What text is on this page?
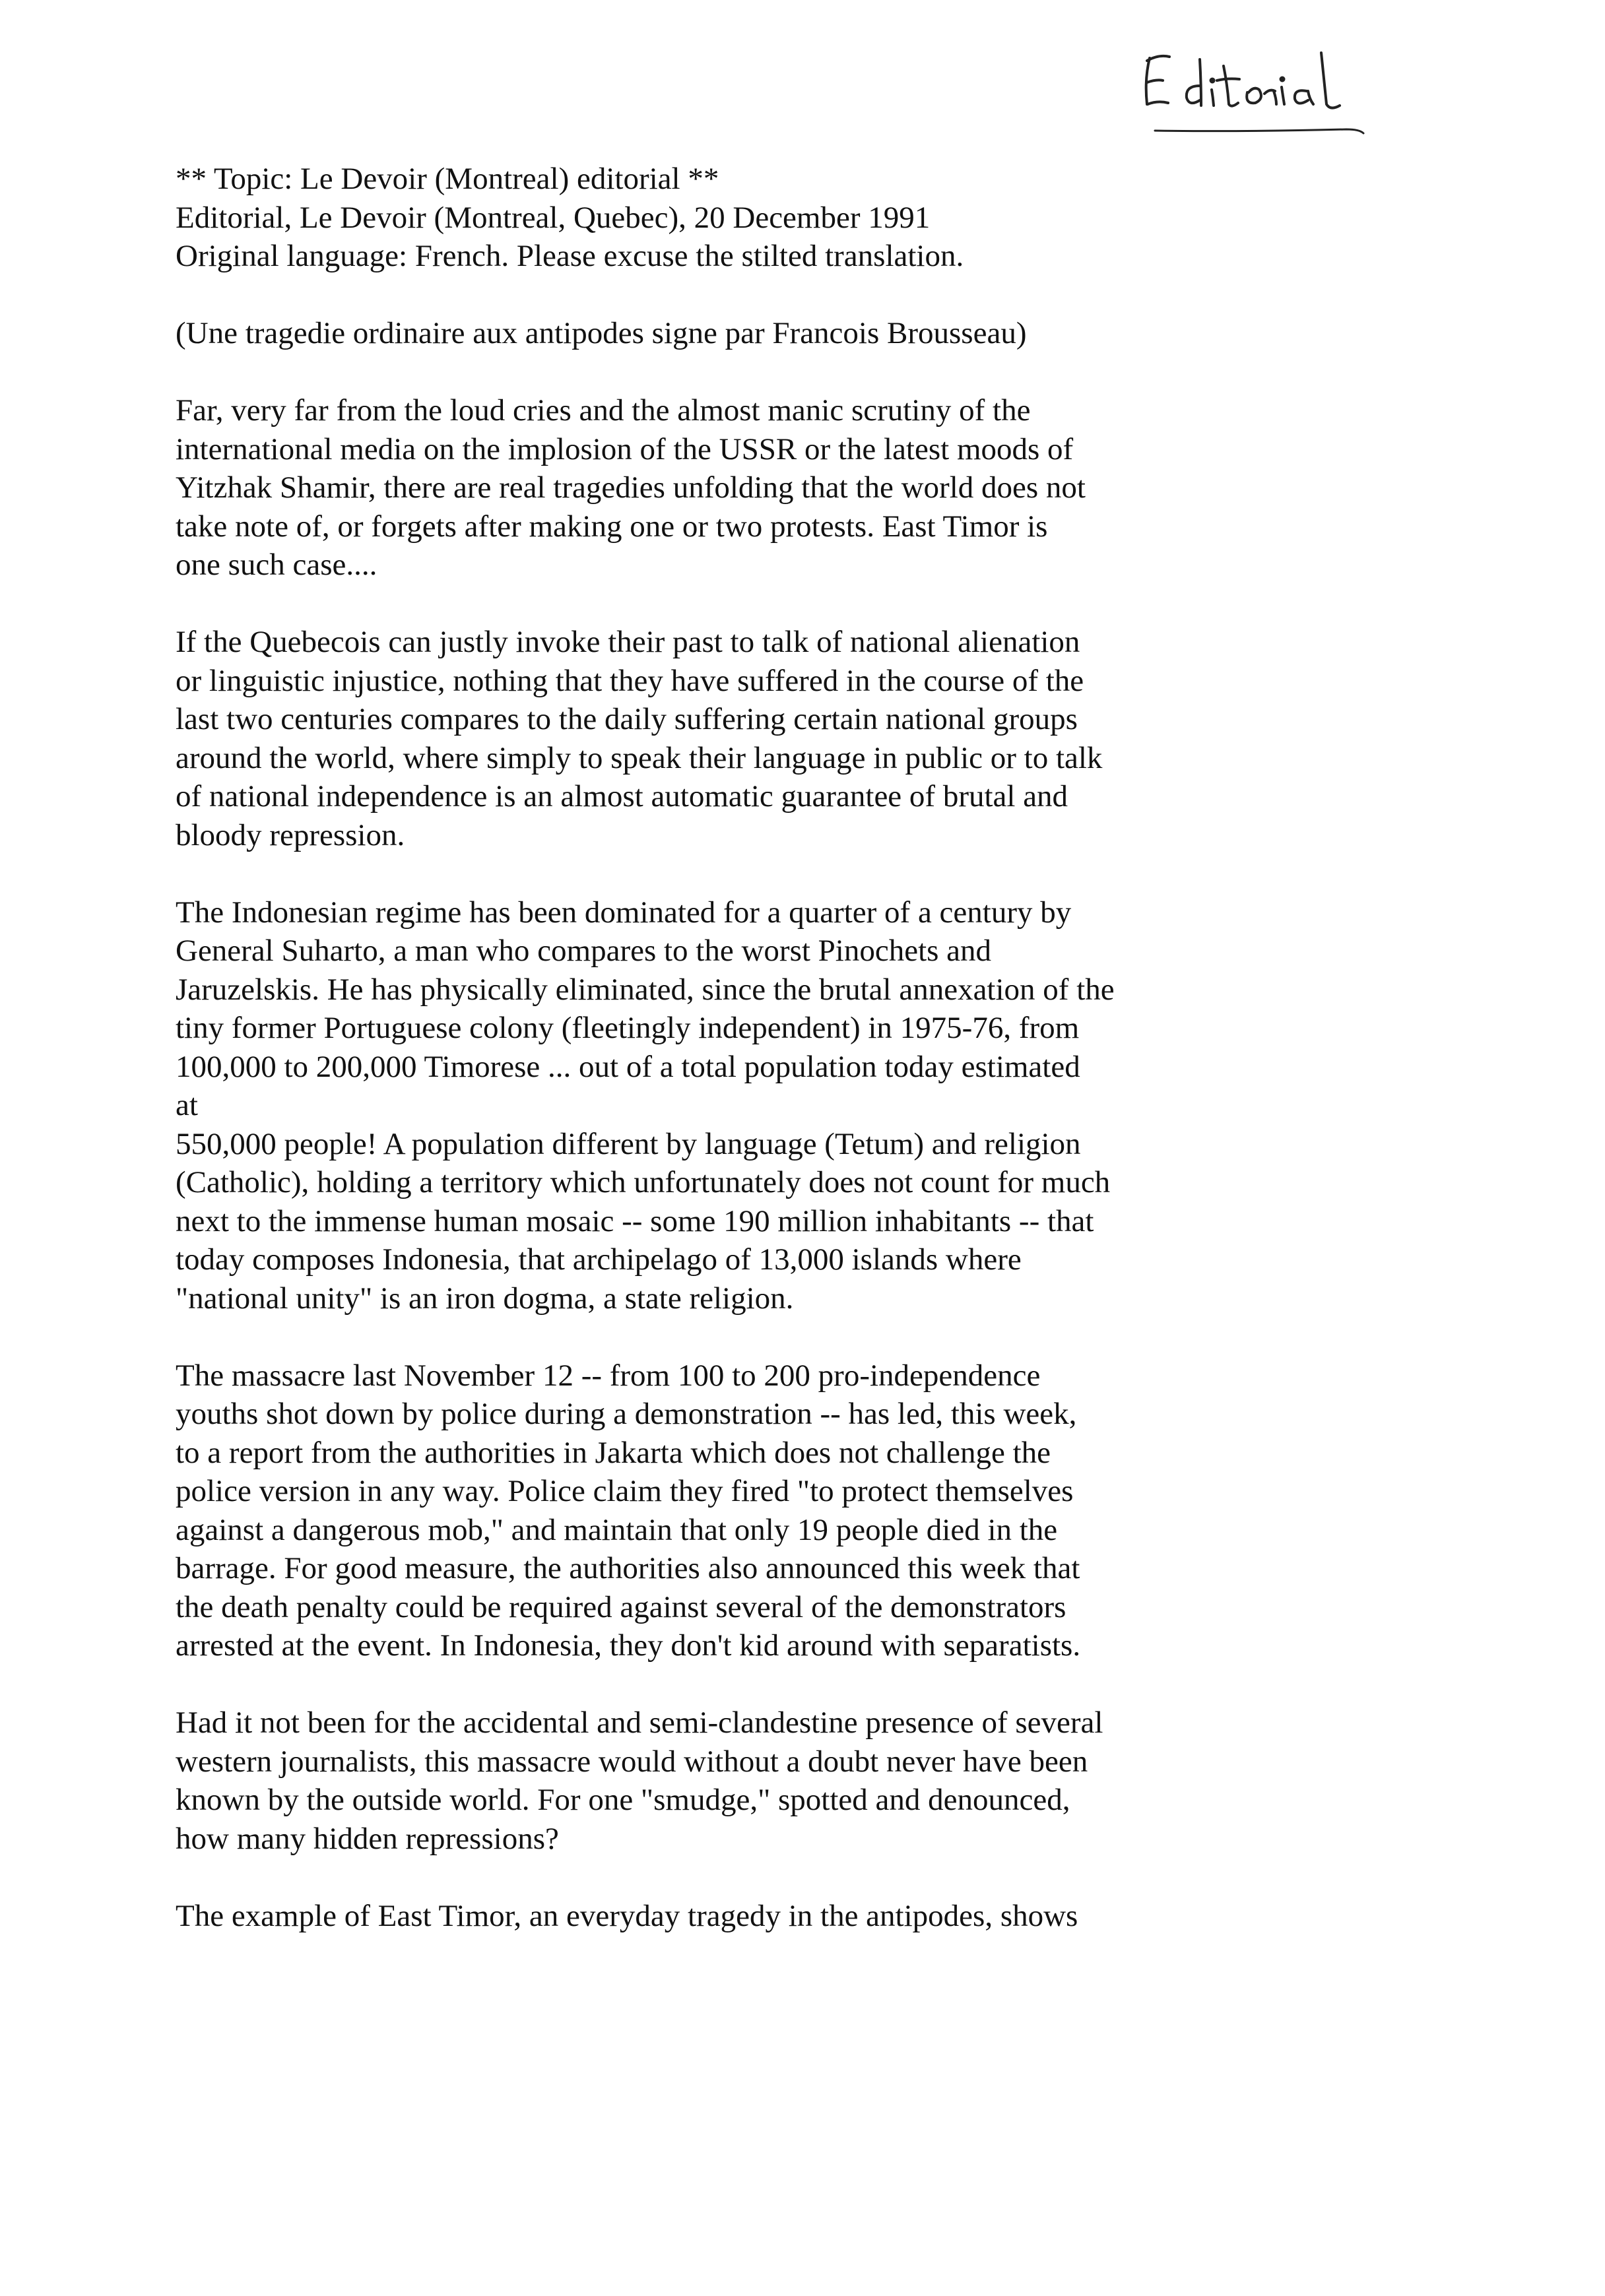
** Topic: Le Devoir (Montreal) editorial **
Editorial, Le Devoir (Montreal, Quebec), 20 December 1991
Original language: French. Please excuse the stilted translation.

(Une tragedie ordinaire aux antipodes signe par Francois Brousseau)

Far, very far from the loud cries and the almost manic scrutiny of the
international media on the implosion of the USSR or the latest moods of
Yitzhak Shamir, there are real tragedies unfolding that the world does not
take note of, or forgets after making one or two protests. East Timor is
one such case....

If the Quebecois can justly invoke their past to talk of national alienation
or linguistic injustice, nothing that they have suffered in the course of the
last two centuries compares to the daily suffering certain national groups
around the world, where simply to speak their language in public or to talk
of national independence is an almost automatic guarantee of brutal and
bloody repression.

The Indonesian regime has been dominated for a quarter of a century by
General Suharto, a man who compares to the worst Pinochets and
Jaruzelskis. He has physically eliminated, since the brutal annexation of the
tiny former Portuguese colony (fleetingly independent) in 1975-76, from
100,000 to 200,000 Timorese ... out of a total population today estimated
at
550,000 people! A population different by language (Tetum) and religion
(Catholic), holding a territory which unfortunately does not count for much
next to the immense human mosaic -- some 190 million inhabitants -- that
today composes Indonesia, that archipelago of 13,000 islands where
"national unity" is an iron dogma, a state religion.

The massacre last November 12 -- from 100 to 200 pro-independence
youths shot down by police during a demonstration -- has led, this week,
to a report from the authorities in Jakarta which does not challenge the
police version in any way. Police claim they fired "to protect themselves
against a dangerous mob," and maintain that only 19 people died in the
barrage. For good measure, the authorities also announced this week that
the death penalty could be required against several of the demonstrators
arrested at the event. In Indonesia, they don't kid around with separatists.

Had it not been for the accidental and semi-clandestine presence of several
western journalists, this massacre would without a doubt never have been
known by the outside world. For one "smudge," spotted and denounced,
how many hidden repressions?

The example of East Timor, an everyday tragedy in the antipodes, shows
